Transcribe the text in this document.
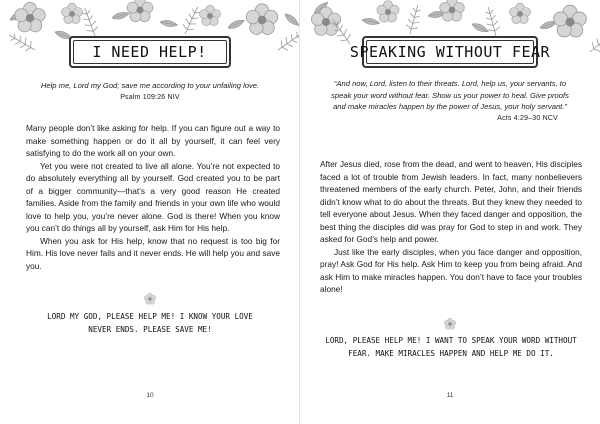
I NEED HELP!
Help me, Lord my God; save me according to your unfailing love.
Psalm 109:26 NIV

Many people don’t like asking for help. If you can figure out a way to make something happen or do it all by yourself, it can feel very satisfying to do the work all on your own.

Yet you were not created to live all alone. You’re not expected to do absolutely everything all by yourself. God created you to be part of a bigger community—that’s a very good reason He created families. Aside from the family and friends in your own life who would love to help you, you’re never alone. God is there! When you know you can’t do things all by yourself, ask Him for His help.

When you ask for His help, know that no request is too big for Him. His love never fails and it never ends. He will help you and save you.

LORD MY GOD, PLEASE HELP ME! I KNOW YOUR LOVE NEVER ENDS. PLEASE SAVE ME!
10
SPEAKING WITHOUT FEAR
“And now, Lord, listen to their threats. Lord, help us, your servants, to speak your word without fear. Show us your power to heal. Give proofs and make miracles happen by the power of Jesus, your holy servant.”
Acts 4:29–30 NCV

After Jesus died, rose from the dead, and went to heaven, His disciples faced a lot of trouble from Jewish leaders. In fact, many nonbelievers threatened members of the early church. Peter, John, and their friends didn’t know what to do about the threats. But they knew they needed to tell everyone about Jesus. When they faced danger and opposition, the best thing the disciples did was pray for God to step in and work. They asked for God’s help and power.

Just like the early disciples, when you face danger and opposition, pray! Ask God for His help. Ask Him to keep you from being afraid. And ask Him to make miracles happen. You don’t have to face your troubles alone!

LORD, PLEASE HELP ME! I WANT TO SPEAK YOUR WORD WITHOUT FEAR. MAKE MIRACLES HAPPEN AND HELP ME DO IT.
11
